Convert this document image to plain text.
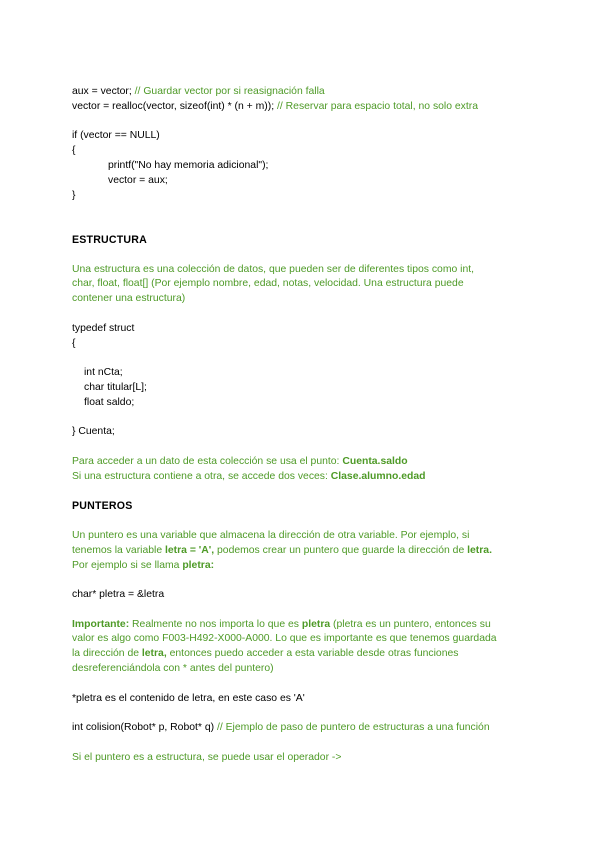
aux = vector; // Guardar vector por si reasignación falla
vector = realloc(vector, sizeof(int) * (n + m)); // Reservar para espacio total, no solo extra
if (vector == NULL)
{
printf("No hay memoria adicional");
vector = aux;
}
ESTRUCTURA
Una estructura es una colección de datos, que pueden ser de diferentes tipos como int,
char, float, float[] (Por ejemplo nombre, edad, notas, velocidad. Una estructura puede
contener una estructura)
typedef struct
{
int nCta;
char titular[L];
float saldo;
} Cuenta;
Para acceder a un dato de esta colección se usa el punto: Cuenta.saldo
Si una estructura contiene a otra, se accede dos veces: Clase.alumno.edad
PUNTEROS
Un puntero es una variable que almacena la dirección de otra variable. Por ejemplo, si
tenemos la variable letra = 'A', podemos crear un puntero que guarde la dirección de letra.
Por ejemplo si se llama pletra:
char* pletra = &letra
Importante: Realmente no nos importa lo que es pletra (pletra es un puntero, entonces su
valor es algo como F003-H492-X000-A000. Lo que es importante es que tenemos guardada
la dirección de letra, entonces puedo acceder a esta variable desde otras funciones
desreferenciándola con * antes del puntero)
*pletra es el contenido de letra, en este caso es 'A'
int colision(Robot* p, Robot* q) // Ejemplo de paso de puntero de estructuras a una función
Si el puntero es a estructura, se puede usar el operador ->
